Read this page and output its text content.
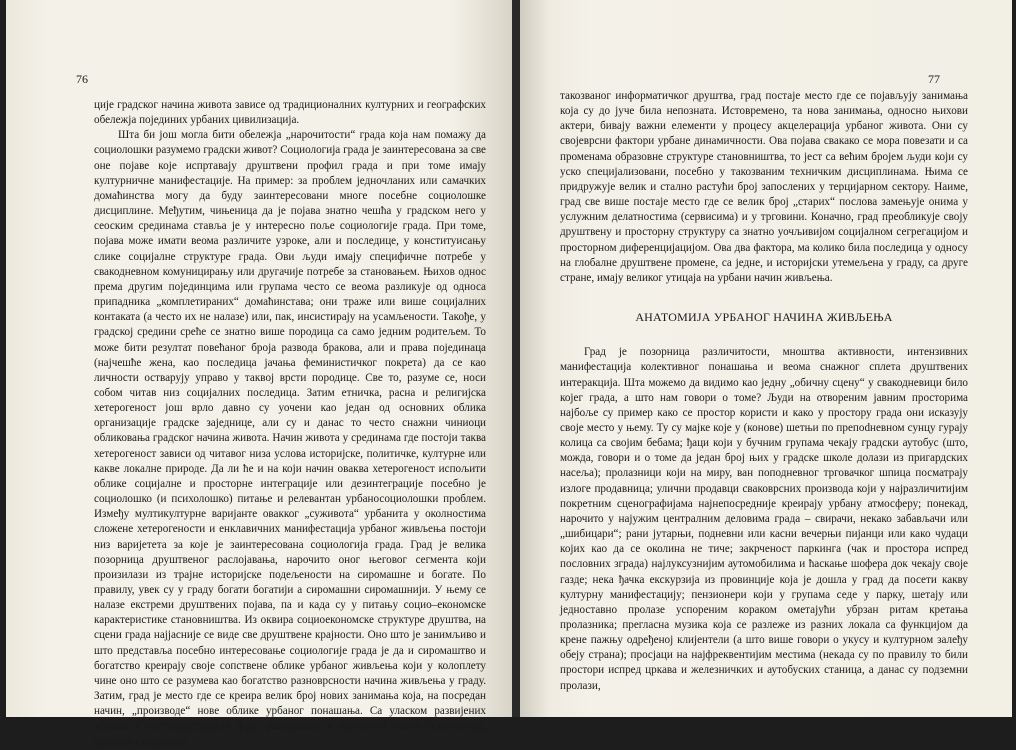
76

ције градског начина живота зависе од традиционалних културних и географских обележја појединих урбаних цивилизација.

Шта би још могла бити обележја „нарочитости“ града која нам помажу да социолошки разумемо градски живот? Социологија града је заинтересована за све оне појаве које испртавају друштвени профил града и при томе имају културничне манифестације. На пример: за проблем једночланих или самачких домаћинства могу да буду заинтересовани многе посебне социолошке дисциплине. Међутим, чињеница да је појава знатно чешћа у градском него у сеоским срединама ставља је у интересно поље социологије града. При томе, појава може имати веома различите узроке, али и последице, у конституисању слике социјалне структуре града. Ови људи имају специфичне потребе у свакодневном комуницирању или другачије потребе за становањем. Њихов однос према другим појединцима или групама често се веома разликује од односа припадника „комплетираних“ домаћинстава; они траже или више социјалних контаката (а често их не налазе) или, пак, инсистирају на усамљености. Такође, у градској средини срећe се знатно више породица са само једним родитељем. То може бити резултат повећаног броја развода бракова, али и права појединаца (најчешће жена, као последица јачања феминистичког покрета) да се као личности остварују управо у таквој врсти породице. Све то, разуме се, носи собом читав низ социјалних последица. Затим етничка, расна и религијска хетерогеност још врло давно су уочени као један од основних облика организације градске заједнице, али су и данас то често снажни чиниоци обликовања градског начина живота. Начин живота у срединама где постоји таква хетерогеност зависи од читавог низа услова историјске, политичке, културне или какве локалне природе. Да ли ће и на који начин оваква хетерогеност испољити облике социјалне и просторне интеграције или дезинтеграције посебно је социолошко (и психолошко) питање и релевантан урбаносоциолошки проблем. Између мултикултурне варијанте овакког „суживота“ урбанита у околностима сложене хетерогености и енклавичних манифестација урбаног живљења постоји низ варијетета за које је заинтересована социологија града. Град је велика позорница друштвеног раслојавања, нарочито оног његовог сегмента који произилази из трајне историјске подељености на сиромашне и богате. По правилу, увек су у граду богати богатији а сиромашни сиромашнији. У њему се налазе екстреми друштвених појава, па и када су у питању социо–економске карактеристике становништва. Из оквира социоекономске структуре друштва, на сцени града најјасније се виде све друштвене крајности. Оно што је занимљиво и што представља посебно интересовање социологије града је да и сиромаштво и богатство креирају своје сопствене облике урбаног живљења који у колоплету чине оно што се разумева као богатство разноврсности начина живљења у граду. Затим, град је место где се креира велик број нових занимања која, на посредан начин, „производе“ нове облике урбаног понашања. Са уласком развијених земаља у постиндустријску фазу, развијањем и применом нових технологија, односно стварањем

77

такозваног информатичког друштва, град постаје место где се појављују занимања која су до јуче била непозната. Истовремено, та нова занимања, односно њихови актери, бивају важни елементи у процесу акцелерација урбаног живота. Они су својеврсни фактори урбане динамичности. Ова појава свакако се мора повезати и са променама образовне структуре становништва, то јест са већим бројем људи који су уско специјализовани, посебно у такозваним техничким дисциплинама. Њима се придружује велик и стално растући број запослених у терцијарном сектору. Наиме, град све више постаје место где се велик број „старих“ послова замењује онима у услужним делатностима (сервисима) и у трговини. Коначно, град преобликује своју друштвену и просторну структуру са знатно уочљивијом социјалном сегрегацијом и просторном диференцијацијом. Ова два фактора, ма колико била последица у односу на глобалне друштвене промене, са једне, и историјски утемељена у граду, са друге стране, имају великог утицаја на урбани начин живљења.

АНАТОМИЈА УРБАНОГ НАЧИНА ЖИВЉЕЊА

Град је позорница различитости, мноштва активности, интензивних манифестација колективног понашања и веома снажног сплета друштвених интеракција. Шта можемо да видимо као једну „обичну сцену“ у свакодневици било којег града, а што нам говори о томе? Људи на отвореним јавним просторима најбоље су пример како се простор користи и како у простору града они исказују своје место у њему. Ту су мајке које у (конове) шетњи по препodневном сунцу гурају колица са својим бебама; ђаци који у бучним групама чекају градски аутобус (што, можда, говори и о томе да један број њих у градске школе долази из пригардских насеља); пролазници који на миру, ван поподневног трговачког шпица посматрају излоге продавница; улични продавци сваковрсних производа који у најразличитијим покретним сценографијама најнепосредније креирају урбану атмосферу; понекад, нарочито у најужим централним деловима града – свирачи, некако забављачи или „шибицари“; рани јутарњи, поднeвни или касни вечерњи пијанци или како чудаци којих као да се околина не тиче; закрченост паркинга (чак и простора испред пословних зграда) најлуксузнијим аутомобилима и ћаскање шофера док чекају своје газде; нека ђачка екскурзија из провинције која је дошла у град да посети какву културну манифестацију; пензионери који у групама седе у парку, шетају или једноставно пролазе успореним кораком ометајући убрзан ритам кретања пролазника; прегласна музика која се разлеже из разних локала са функцијом да крене пажњу одређеноj клијентели (а што више говори о укусу и културном залеђу обеју страна); просјаци на најфреквентијим местима (некада су по правилу то били простори испред цркава и железничких и аутобуских станица, а данас су подземни пролази,
